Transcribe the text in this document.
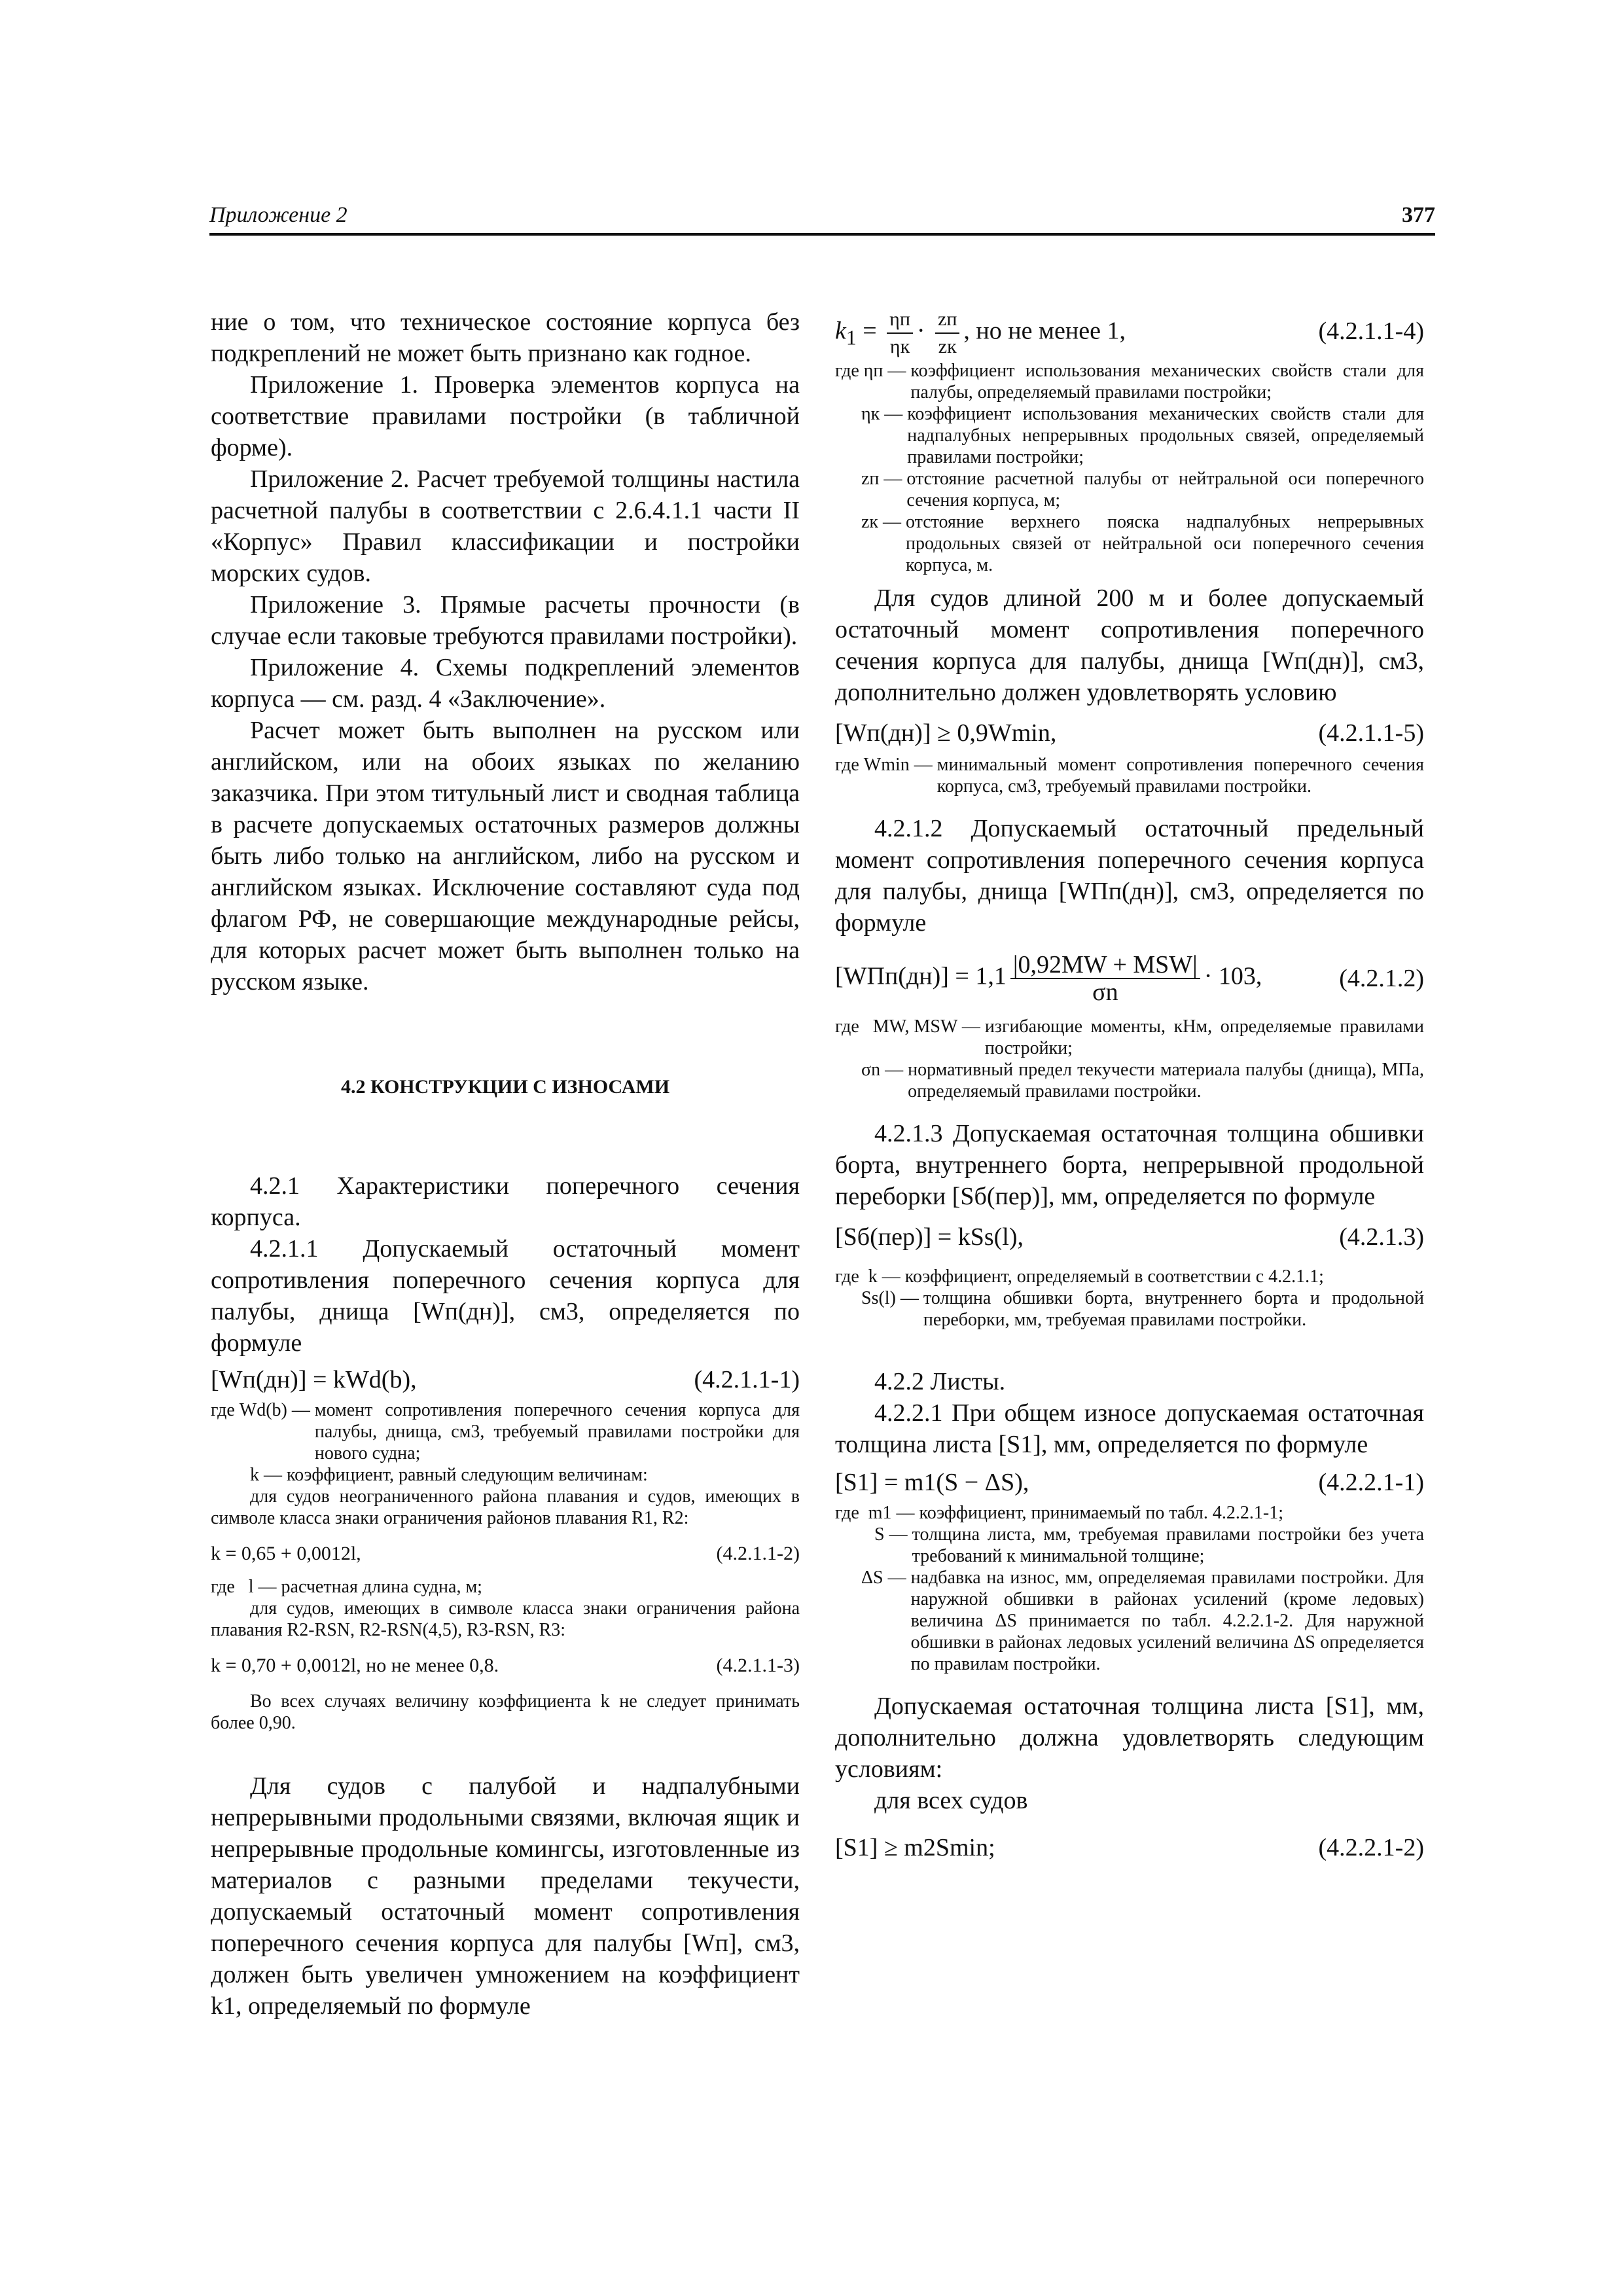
Приложение 2	377

ние о том, что техническое состояние корпуса без подкреплений не может быть признано как годное.

Приложение 1. Проверка элементов корпуса на соответствие правилами постройки (в табличной форме).

Приложение 2. Расчет требуемой толщины настила расчетной палубы в соответствии с 2.6.4.1.1 части II «Корпус» Правил классификации и постройки морских судов.

Приложение 3. Прямые расчеты прочности (в случае если таковые требуются правилами постройки).

Приложение 4. Схемы подкреплений элементов корпуса — см. разд. 4 «Заключение».

Расчет может быть выполнен на русском или английском, или на обоих языках по желанию заказчика. При этом титульный лист и сводная таблица в расчете допускаемых остаточных размеров должны быть либо только на английском, либо на русском и английском языках. Исключение составляют суда под флагом РФ, не совершающие международные рейсы, для которых расчет может быть выполнен только на русском языке.

4.2 КОНСТРУКЦИИ С ИЗНОСАМИ

4.2.1 Характеристики поперечного сечения корпуса.

4.2.1.1 Допускаемый остаточный момент сопротивления поперечного сечения корпуса для палубы, днища [Wп(дн)], см3, определяется по формуле

[Wп(дн)] = kWd(b),	(4.2.1.1-1)
где Wd(b) — момент сопротивления поперечного сечения корпуса для палубы, днища, см3, требуемый правилами постройки для нового судна;
k — коэффициент, равный следующим величинам:

для судов неограниченного района плавания и судов, имеющих в символе класса знаки ограничения районов плавания R1, R2:

k = 0,65 + 0,0012l,	(4.2.1.1-2)
где   l — расчетная длина судна, м;

для судов, имеющих в символе класса знаки ограничения района плавания R2-RSN, R2-RSN(4,5), R3-RSN, R3:

k = 0,70 + 0,0012l, но не менее 0,8.	(4.2.1.1-3)

Во всех случаях величину коэффициента k не следует принимать более 0,90.

Для судов с палубой и надпалубными непрерывными продольными связями, включая ящик и непрерывные продольные комингсы, изготовленные из материалов с разными пределами текучести, допускаемый остаточный момент сопротивления поперечного сечения корпуса для палубы [Wп], см3, должен быть увеличен умножением на коэффициент k1, определяемый по формуле

$k_1 = \frac{\eta п}{\eta к} \cdot \frac{zп}{zк}$ , но не менее 1,	(4.2.1.1-4)
где ηп — коэффициент использования механических свойств стали для палубы, определяемый правилами постройки;
ηк — коэффициент использования механических свойств стали для надпалубных непрерывных продольных связей, определяемый правилами постройки;
zп — отстояние расчетной палубы от нейтральной оси поперечного сечения корпуса, м;
zк — отстояние верхнего пояска надпалубных непрерывных продольных связей от нейтральной оси поперечного сечения корпуса, м.

Для судов длиной 200 м и более допускаемый остаточный момент сопротивления поперечного сечения корпуса для палубы, днища [Wп(дн)], см3, дополнительно должен удовлетворять условию

[Wп(дн)] ≥ 0,9Wmin,	(4.2.1.1-5)
где Wmin — минимальный момент сопротивления поперечного сечения корпуса, см3, требуемый правилами постройки.

4.2.1.2 Допускаемый остаточный предельный момент сопротивления поперечного сечения корпуса для палубы, днища [WПп(дн)], см3, определяется по формуле

$[WПп(дн)] = 1,1 \frac{\text{|0,92MW + MSW|}}{\sigma n} \cdot 103$,	(4.2.1.2)
где   MW, MSW — изгибающие моменты, кНм, определяемые правилами постройки;
σn — нормативный предел текучести материала палубы (днища), МПа, определяемый правилами постройки.

4.2.1.3 Допускаемая остаточная толщина обшивки борта, внутреннего борта, непрерывной продольной переборки [Sб(пер)], мм, определяется по формуле

[Sб(пер)] = kSs(l),	(4.2.1.3)
где  k — коэффициент, определяемый в соответствии с 4.2.1.1;
Ss(l) — толщина обшивки борта, внутреннего борта и продольной переборки, мм, требуемая правилами постройки.

4.2.2 Листы.

4.2.2.1 При общем износе допускаемая остаточная толщина листа [S1], мм, определяется по формуле

[S1] = m1(S − ΔS),	(4.2.2.1-1)
где  m1 — коэффициент, принимаемый по табл. 4.2.2.1-1;
S — толщина листа, мм, требуемая правилами постройки без учета требований к минимальной толщине;
ΔS — надбавка на износ, мм, определяемая правилами постройки. Для наружной обшивки в районах усилений (кроме ледовых) величина ΔS принимается по табл. 4.2.2.1-2. Для наружной обшивки в районах ледовых усилений величина ΔS определяется по правилам постройки.

Допускаемая остаточная толщина листа [S1], мм, дополнительно должна удовлетворять следующим условиям:

для всех судов

[S1] ≥ m2Smin;	(4.2.2.1-2)
